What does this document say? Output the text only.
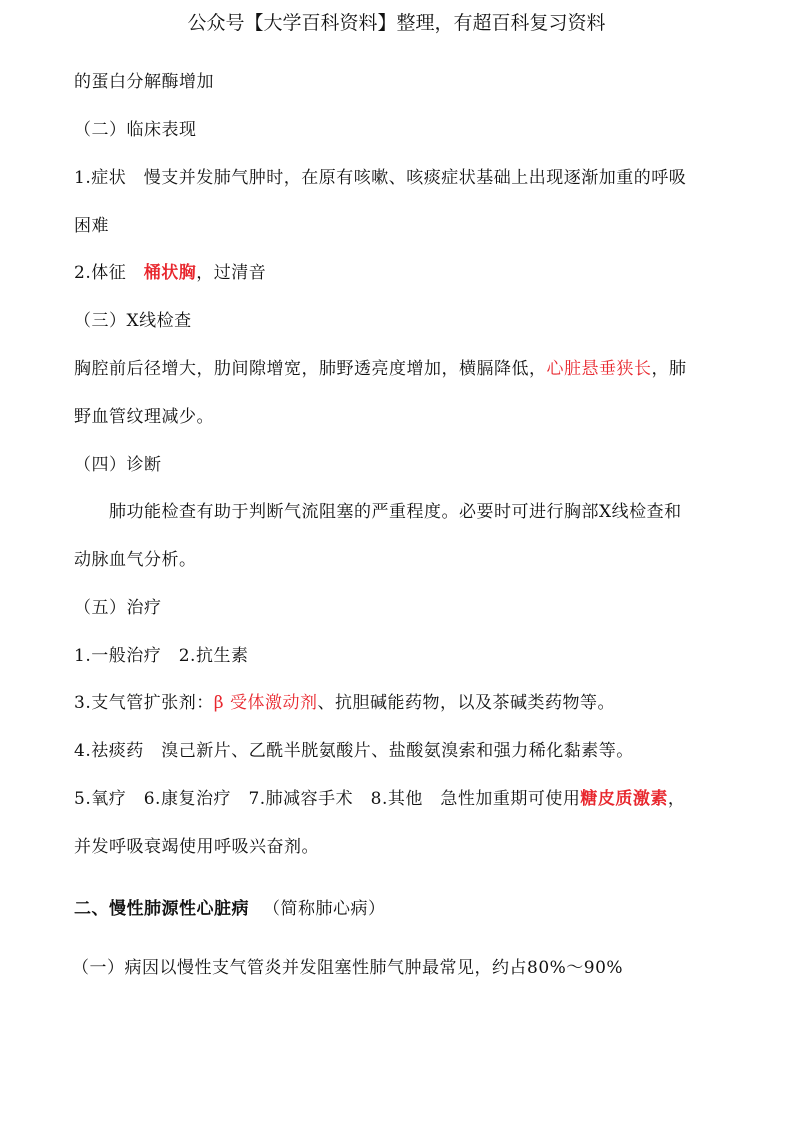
公众号【大学百科资料】整理，有超百科复习资料
的蛋白分解酶增加
（二）临床表现
1.症状　慢支并发肺气肿时，在原有咳嗽、咳痰症状基础上出现逐渐加重的呼吸
困难
2.体征　桶状胸，过清音
（三）X线检查
胸腔前后径增大，肋间隙增宽，肺野透亮度增加，横膈降低，心脏悬垂狭长，肺
野血管纹理减少。
（四）诊断
肺功能检查有助于判断气流阻塞的严重程度。必要时可进行胸部X线检查和
动脉血气分析。
（五）治疗
1.一般治疗　2.抗生素
3.支气管扩张剂：β 受体激动剂、抗胆碱能药物，以及茶碱类药物等。
4.祛痰药　溴己新片、乙酰半胱氨酸片、盐酸氨溴索和强力稀化黏素等。
5.氧疗　6.康复治疗　7.肺减容手术　8.其他　急性加重期可使用糖皮质激素，
并发呼吸衰竭使用呼吸兴奋剂。
二、慢性肺源性心脏病 （简称肺心病）
（一）病因以慢性支气管炎并发阻塞性肺气肿最常见，约占80%～90%
